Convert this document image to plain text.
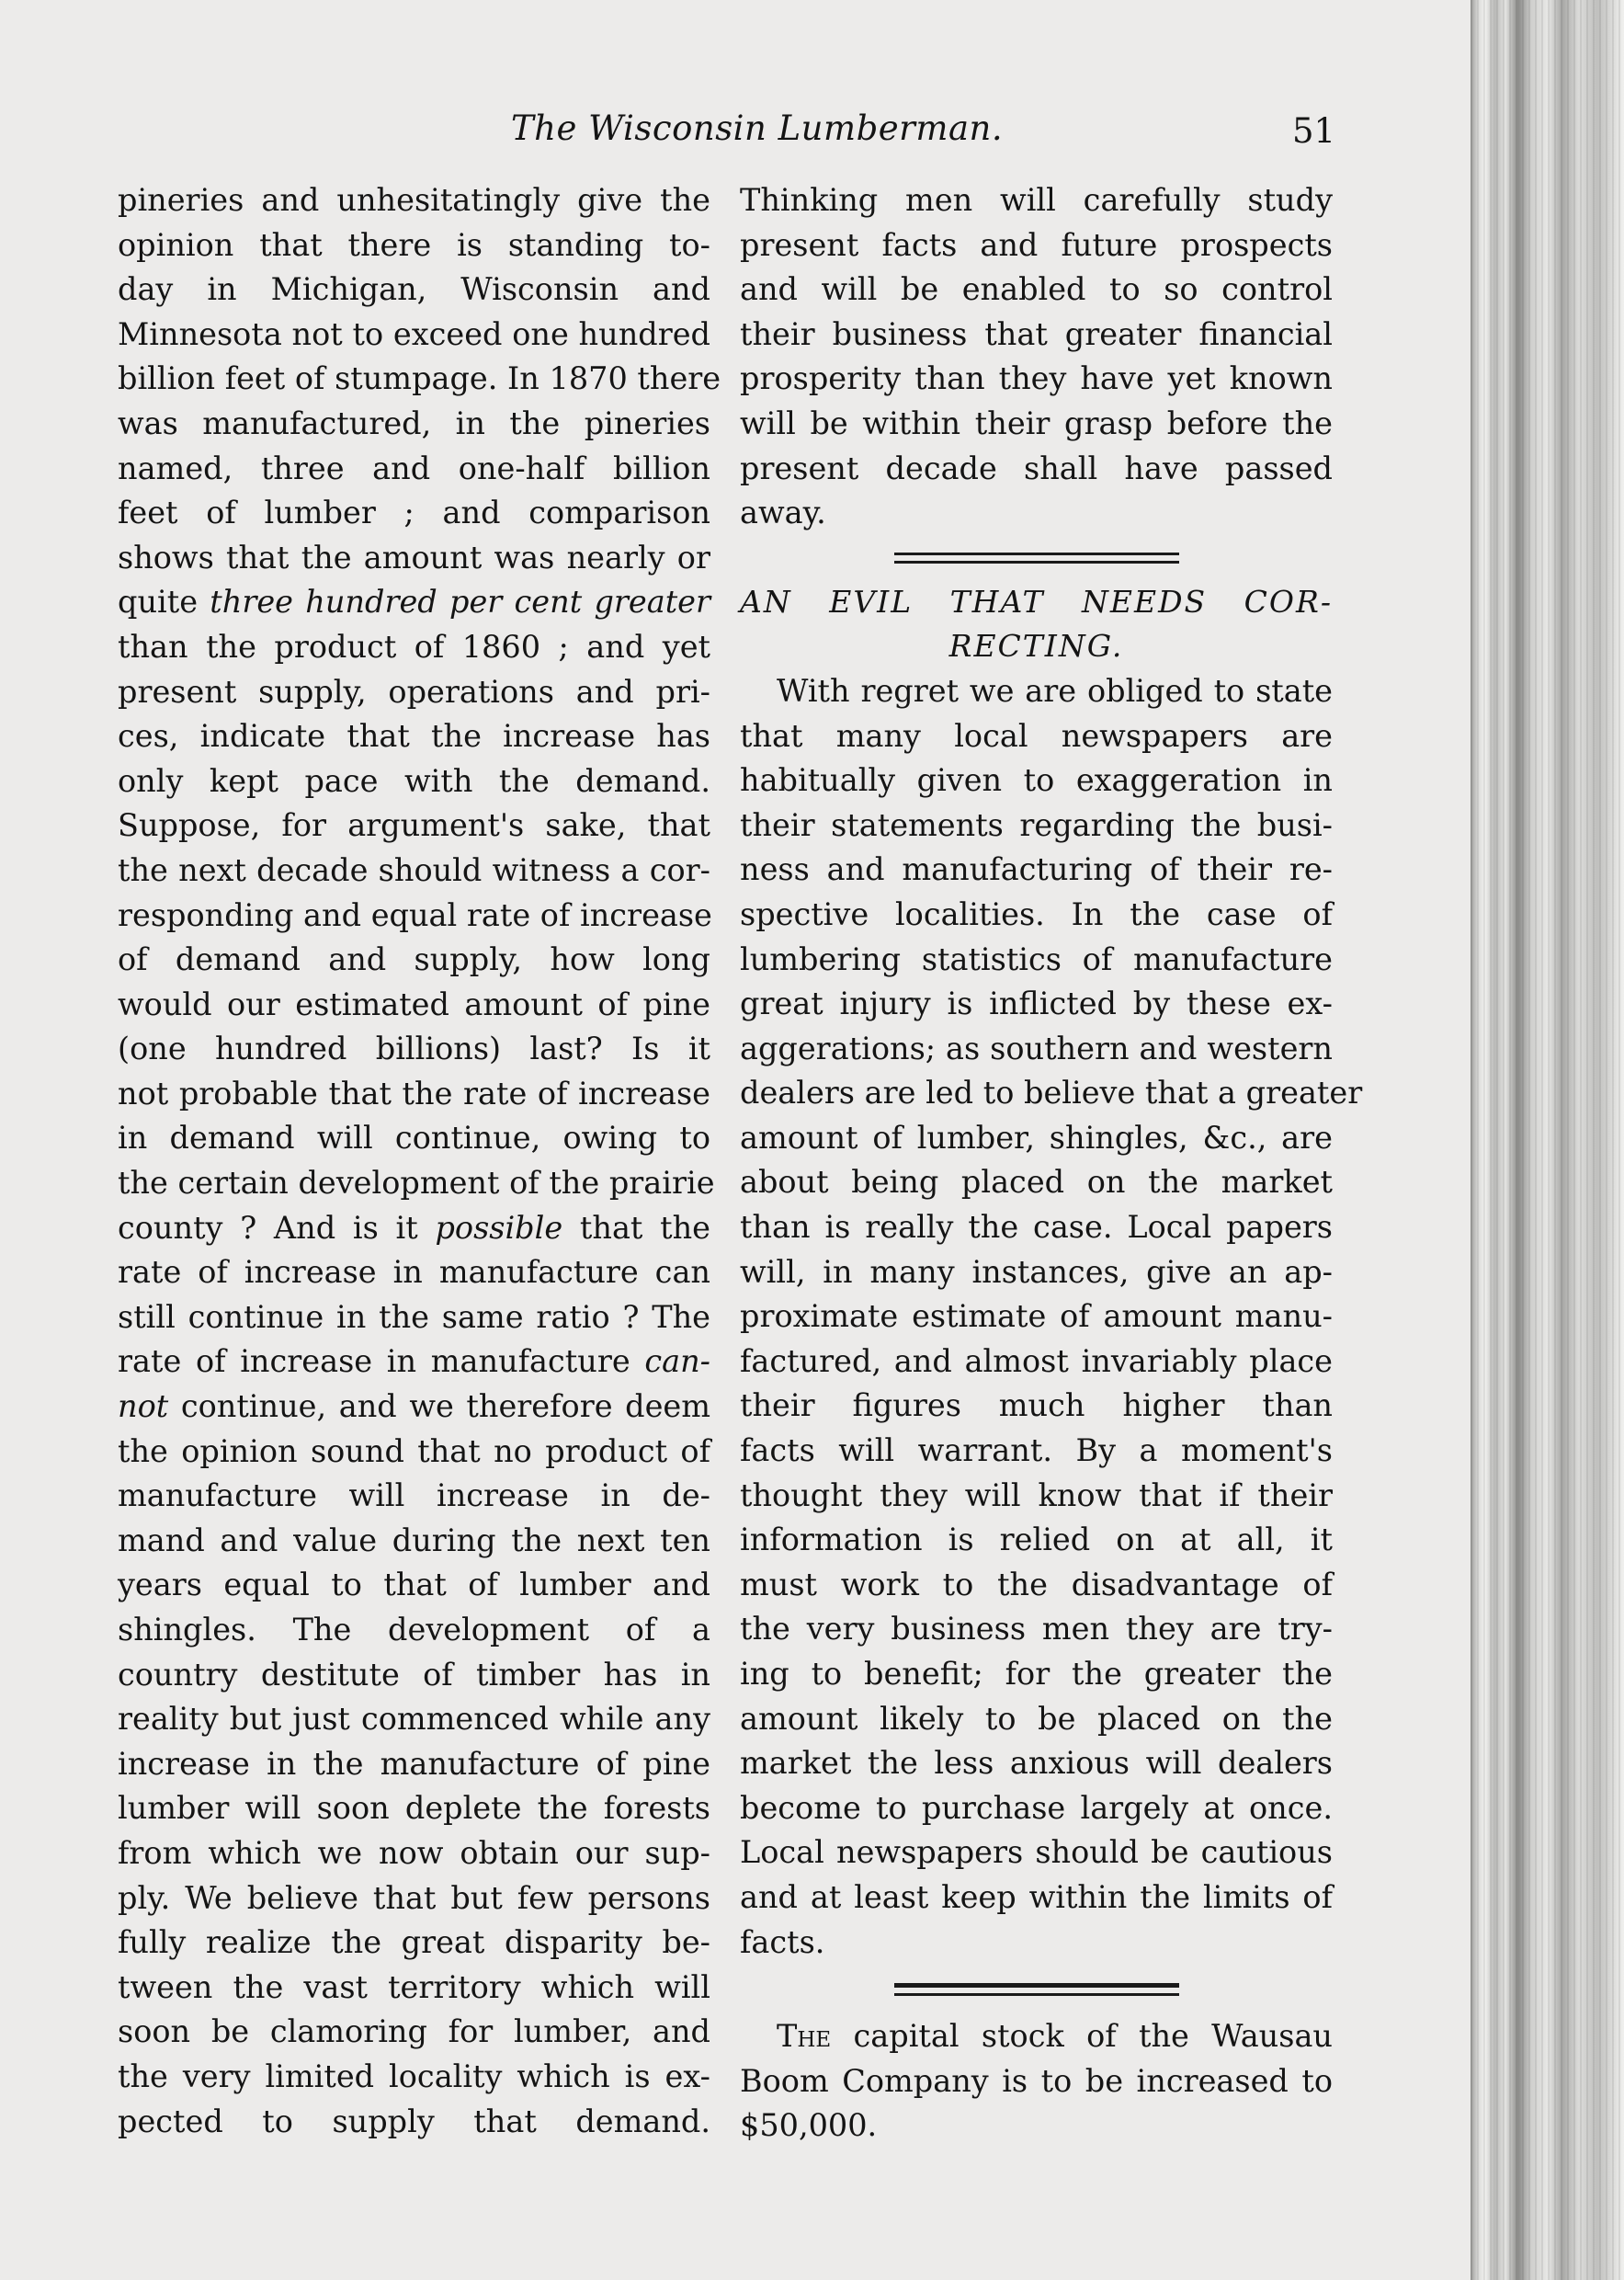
The Wisconsin Lumberman.	51
pineries and unhesitatingly give the
opinion that there is standing to-
day in Michigan, Wisconsin and
Minnesota not to exceed one hundred
billion feet of stumpage. In 1870 there
was manufactured, in the pineries
named, three and one-half billion
feet of lumber ; and comparison
shows that the amount was nearly or
quite three hundred per cent greater
than the product of 1860 ; and yet
present supply, operations and pri-
ces, indicate that the increase has
only kept pace with the demand.
Suppose, for argument's sake, that
the next decade should witness a cor-
responding and equal rate of increase
of demand and supply, how long
would our estimated amount of pine
(one hundred billions) last? Is it
not probable that the rate of increase
in demand will continue, owing to
the certain development of the prairie
county ? And is it possible that the
rate of increase in manufacture can
still continue in the same ratio ? The
rate of increase in manufacture can-
not continue, and we therefore deem
the opinion sound that no product of
manufacture will increase in de-
mand and value during the next ten
years equal to that of lumber and
shingles. The development of a
country destitute of timber has in
reality but just commenced while any
increase in the manufacture of pine
lumber will soon deplete the forests
from which we now obtain our sup-
ply. We believe that but few persons
fully realize the great disparity be-
tween the vast territory which will
soon be clamoring for lumber, and
the very limited locality which is ex-
pected to supply that demand.
Thinking men will carefully study
present facts and future prospects
and will be enabled to so control
their business that greater financial
prosperity than they have yet known
will be within their grasp before the
present decade shall have passed
away.
AN EVIL THAT NEEDS COR-
RECTING.
With regret we are obliged to state
that many local newspapers are
habitually given to exaggeration in
their statements regarding the busi-
ness and manufacturing of their re-
spective localities. In the case of
lumbering statistics of manufacture
great injury is inflicted by these ex-
aggerations; as southern and western
dealers are led to believe that a greater
amount of lumber, shingles, &c., are
about being placed on the market
than is really the case. Local papers
will, in many instances, give an ap-
proximate estimate of amount manu-
factured, and almost invariably place
their figures much higher than
facts will warrant. By a moment's
thought they will know that if their
information is relied on at all, it
must work to the disadvantage of
the very business men they are try-
ing to benefit; for the greater the
amount likely to be placed on the
market the less anxious will dealers
become to purchase largely at once.
Local newspapers should be cautious
and at least keep within the limits of
facts.
The capital stock of the Wausau
Boom Company is to be increased to
$50,000.
